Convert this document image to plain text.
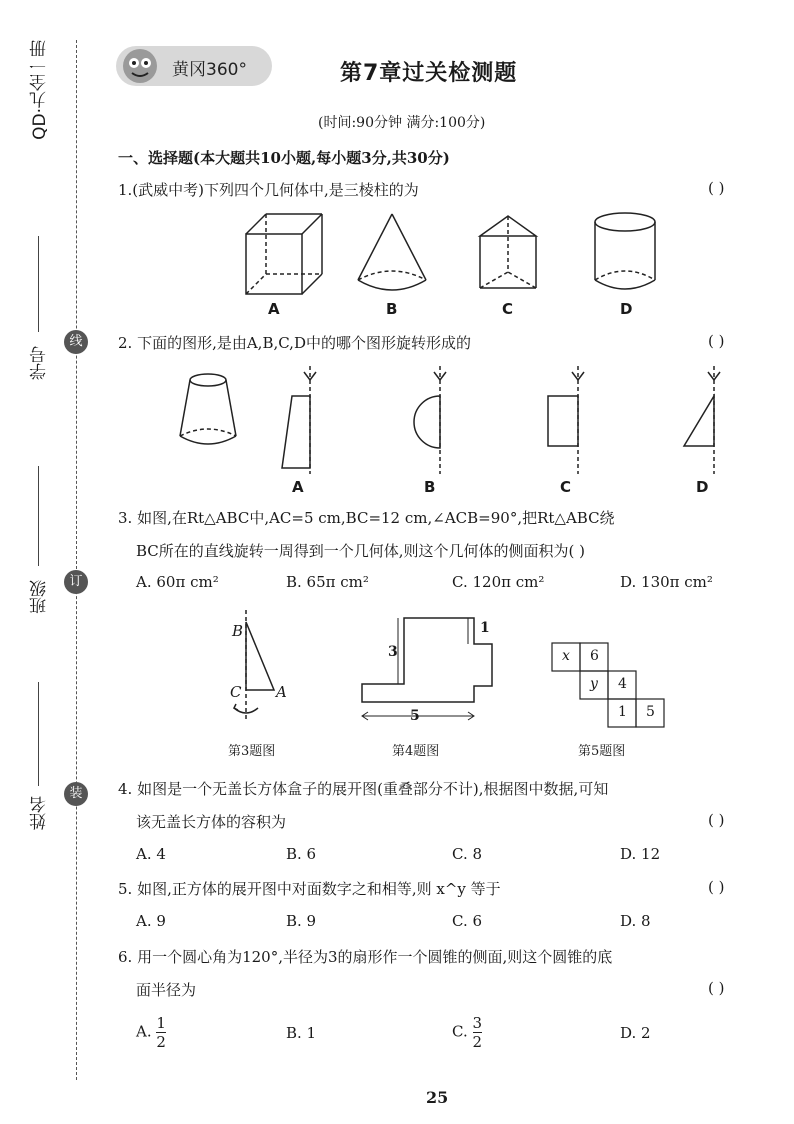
QD·九全一册
学号
班级
姓名
线
订
装
黄冈360°	第7章过关检测题
(时间:90分钟 满分:100分)
一、选择题(本大题共10小题,每小题3分,共30分)
1.(武威中考)下列四个几何体中,是三棱柱的为	( )
A	B	C	D
2. 下面的图形,是由A,B,C,D中的哪个图形旋转形成的	( )
A	B	C	D
3. 如图,在Rt△ABC中,AC=5 cm,BC=12 cm,∠ACB=90°,把Rt△ABC绕
BC所在的直线旋转一周得到一个几何体,则这个几何体的侧面积为( )
A. 60π cm²	B. 65π cm²	C. 120π cm²	D. 130π cm²
B
C A
第3题图
3
1
5
第4题图
x 6
y 4
1 5
第5题图
4. 如图是一个无盖长方体盒子的展开图(重叠部分不计),根据图中数据,可知
该无盖长方体的容积为	( )
A. 4	B. 6	C. 8	D. 12
5. 如图,正方体的展开图中对面数字之和相等,则 x^y 等于	( )
A. 9	B. 9	C. 6	D. 8
6. 用一个圆心角为120°,半径为3的扇形作一个圆锥的侧面,则这个圆锥的底
面半径为	( )
A. $\frac{1}{2}$	B. 1	C. $\frac{3}{2}$	D. 2
25
